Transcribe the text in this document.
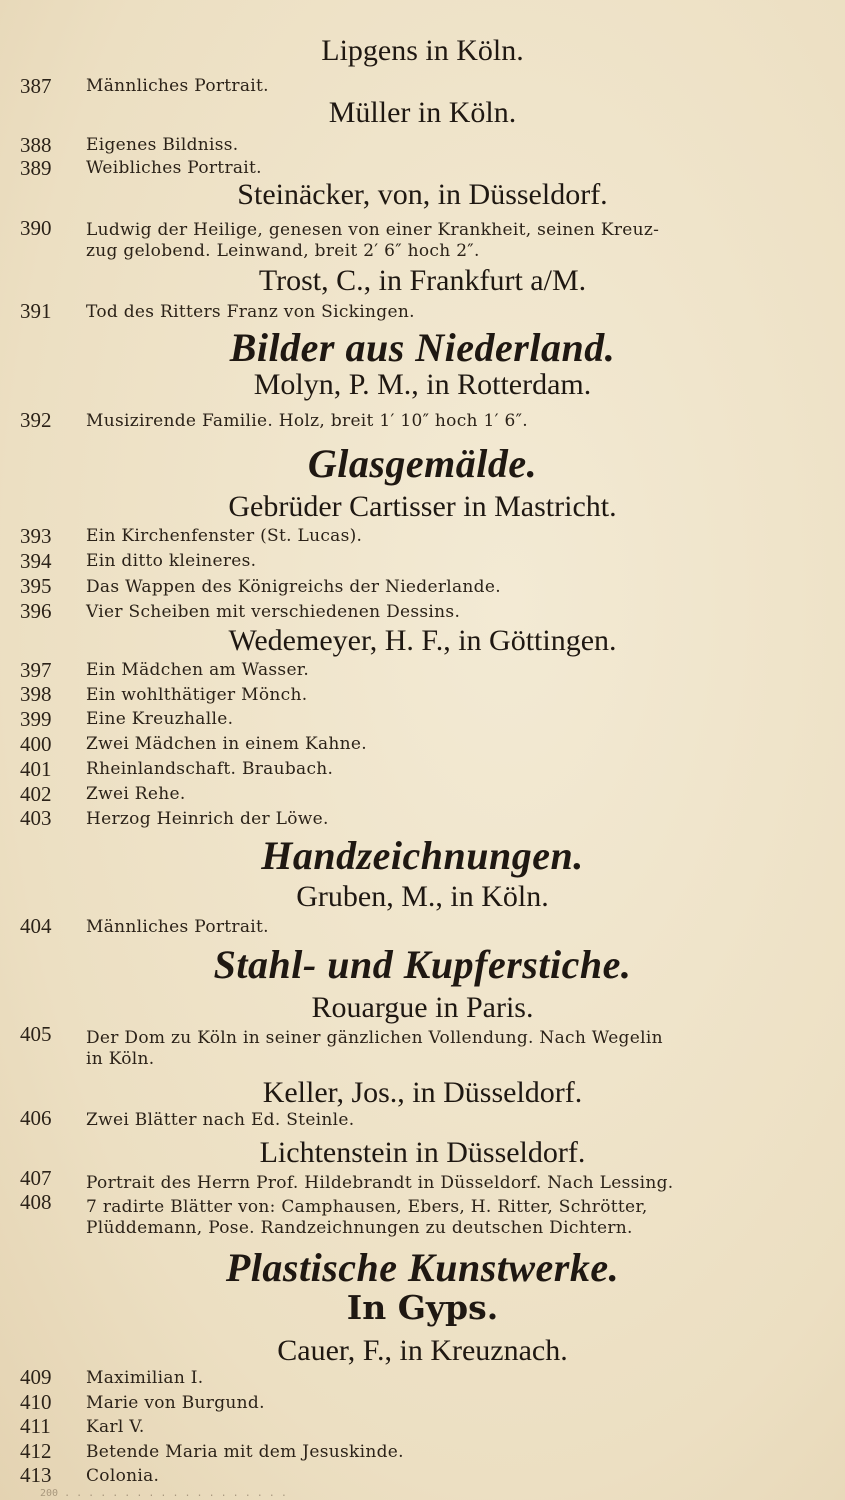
Lipgens in Köln.
387	Männliches Portrait.
Müller in Köln.
388	Eigenes Bildniss.
389	Weibliches Portrait.
Steinäcker, von, in Düsseldorf.
390	Ludwig der Heilige, genesen von einer Krankheit, seinen Kreuz-
zug gelobend. Leinwand, breit 2′ 6″ hoch 2″.
Trost, C., in Frankfurt a/M.
391	Tod des Ritters Franz von Sickingen.
Bilder aus Niederland.
Molyn, P. M., in Rotterdam.
392	Musizirende Familie. Holz, breit 1′ 10″ hoch 1′ 6″.
Glasgemälde.
Gebrüder Cartisser in Mastricht.
393	Ein Kirchenfenster (St. Lucas).
394	Ein ditto kleineres.
395	Das Wappen des Königreichs der Niederlande.
396	Vier Scheiben mit verschiedenen Dessins.
Wedemeyer, H. F., in Göttingen.
397	Ein Mädchen am Wasser.
398	Ein wohlthätiger Mönch.
399	Eine Kreuzhalle.
400	Zwei Mädchen in einem Kahne.
401	Rheinlandschaft. Braubach.
402	Zwei Rehe.
403	Herzog Heinrich der Löwe.
Handzeichnungen.
Gruben, M., in Köln.
404	Männliches Portrait.
Stahl- und Kupferstiche.
Rouargue in Paris.
405	Der Dom zu Köln in seiner gänzlichen Vollendung. Nach Wegelin
in Köln.
Keller, Jos., in Düsseldorf.
406	Zwei Blätter nach Ed. Steinle.
Lichtenstein in Düsseldorf.
407	Portrait des Herrn Prof. Hildebrandt in Düsseldorf. Nach Lessing.
408	7 radirte Blätter von: Camphausen, Ebers, H. Ritter, Schrötter,
Plüddemann, Pose. Randzeichnungen zu deutschen Dichtern.
Plastische Kunstwerke.
In Gyps.
Cauer, F., in Kreuznach.
409	Maximilian I.
410	Marie von Burgund.
411	Karl V.
412	Betende Maria mit dem Jesuskinde.
413	Colonia.
200 . . . . . . . . . . . . . . . . . . .
